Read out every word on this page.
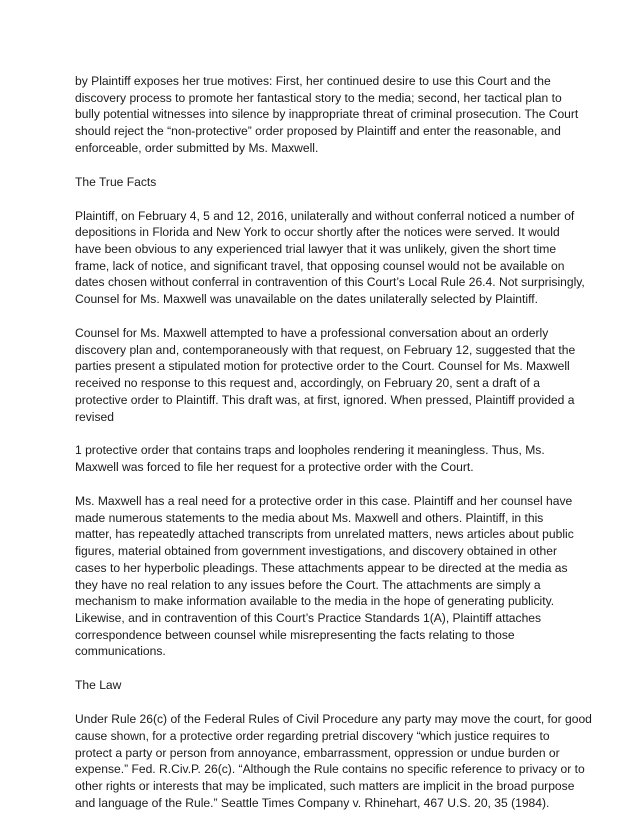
by Plaintiff exposes her true motives: First, her continued desire to use this Court and the
discovery process to promote her fantastical story to the media; second, her tactical plan to
bully potential witnesses into silence by inappropriate threat of criminal prosecution. The Court
should reject the “non-protective” order proposed by Plaintiff and enter the reasonable, and
enforceable, order submitted by Ms. Maxwell.
The True Facts
Plaintiff, on February 4, 5 and 12, 2016, unilaterally and without conferral noticed a number of
depositions in Florida and New York to occur shortly after the notices were served. It would
have been obvious to any experienced trial lawyer that it was unlikely, given the short time
frame, lack of notice, and significant travel, that opposing counsel would not be available on
dates chosen without conferral in contravention of this Court’s Local Rule 26.4. Not surprisingly,
Counsel for Ms. Maxwell was unavailable on the dates unilaterally selected by Plaintiff.
Counsel for Ms. Maxwell attempted to have a professional conversation about an orderly
discovery plan and, contemporaneously with that request, on February 12, suggested that the
parties present a stipulated motion for protective order to the Court. Counsel for Ms. Maxwell
received no response to this request and, accordingly, on February 20, sent a draft of a
protective order to Plaintiff. This draft was, at first, ignored. When pressed, Plaintiff provided a
revised
1 protective order that contains traps and loopholes rendering it meaningless. Thus, Ms.
Maxwell was forced to file her request for a protective order with the Court.
Ms. Maxwell has a real need for a protective order in this case. Plaintiff and her counsel have
made numerous statements to the media about Ms. Maxwell and others. Plaintiff, in this
matter, has repeatedly attached transcripts from unrelated matters, news articles about public
figures, material obtained from government investigations, and discovery obtained in other
cases to her hyperbolic pleadings. These attachments appear to be directed at the media as
they have no real relation to any issues before the Court. The attachments are simply a
mechanism to make information available to the media in the hope of generating publicity.
Likewise, and in contravention of this Court’s Practice Standards 1(A), Plaintiff attaches
correspondence between counsel while misrepresenting the facts relating to those
communications.
The Law
Under Rule 26(c) of the Federal Rules of Civil Procedure any party may move the court, for good
cause shown, for a protective order regarding pretrial discovery “which justice requires to
protect a party or person from annoyance, embarrassment, oppression or undue burden or
expense.” Fed. R.Civ.P. 26(c). “Although the Rule contains no specific reference to privacy or to
other rights or interests that may be implicated, such matters are implicit in the broad purpose
and language of the Rule.” Seattle Times Company v. Rhinehart, 467 U.S. 20, 35 (1984).
